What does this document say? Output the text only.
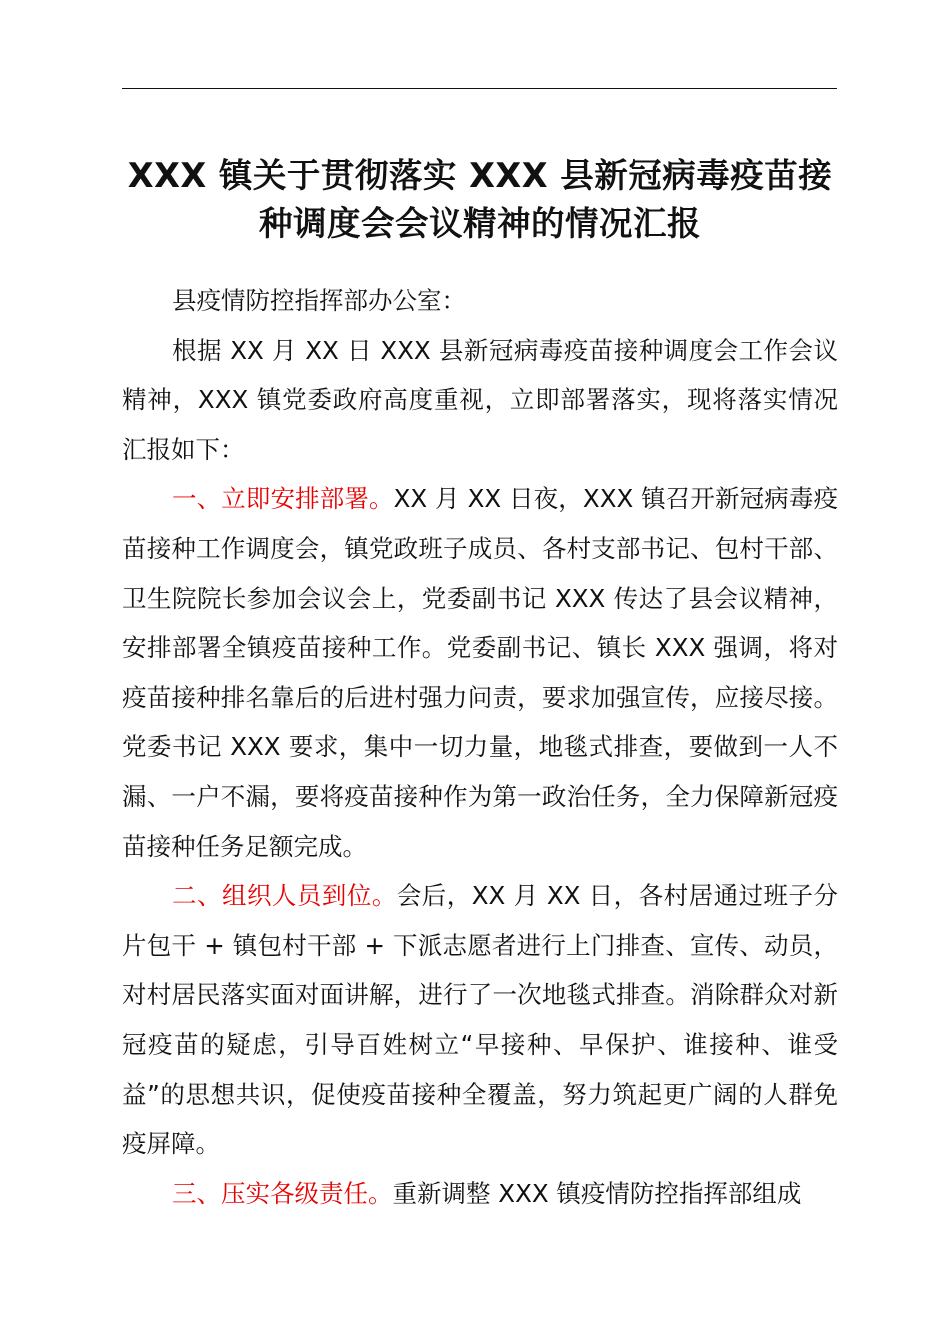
XXX 镇关于贯彻落实 XXX 县新冠病毒疫苗接
种调度会会议精神的情况汇报

县疫情防控指挥部办公室：

根据 XX 月 XX 日 XXX 县新冠病毒疫苗接种调度会工作会议精神，XXX 镇党委政府高度重视，立即部署落实，现将落实情况汇报如下：

一、立即安排部署。XX 月 XX 日夜，XXX 镇召开新冠病毒疫苗接种工作调度会，镇党政班子成员、各村支部书记、包村干部、卫生院院长参加会议会上，党委副书记 XXX 传达了县会议精神，安排部署全镇疫苗接种工作。党委副书记、镇长 XXX 强调，将对疫苗接种排名靠后的后进村强力问责，要求加强宣传，应接尽接。党委书记 XXX 要求，集中一切力量，地毯式排查，要做到一人不漏、一户不漏，要将疫苗接种作为第一政治任务，全力保障新冠疫苗接种任务足额完成。

二、组织人员到位。会后，XX 月 XX 日，各村居通过班子分片包干 + 镇包村干部 + 下派志愿者进行上门排查、宣传、动员，对村居民落实面对面讲解，进行了一次地毯式排查。消除群众对新冠疫苗的疑虑，引导百姓树立“早接种、早保护、谁接种、谁受益”的思想共识，促使疫苗接种全覆盖，努力筑起更广阔的人群免疫屏障。

三、压实各级责任。重新调整 XXX 镇疫情防控指挥部组成
